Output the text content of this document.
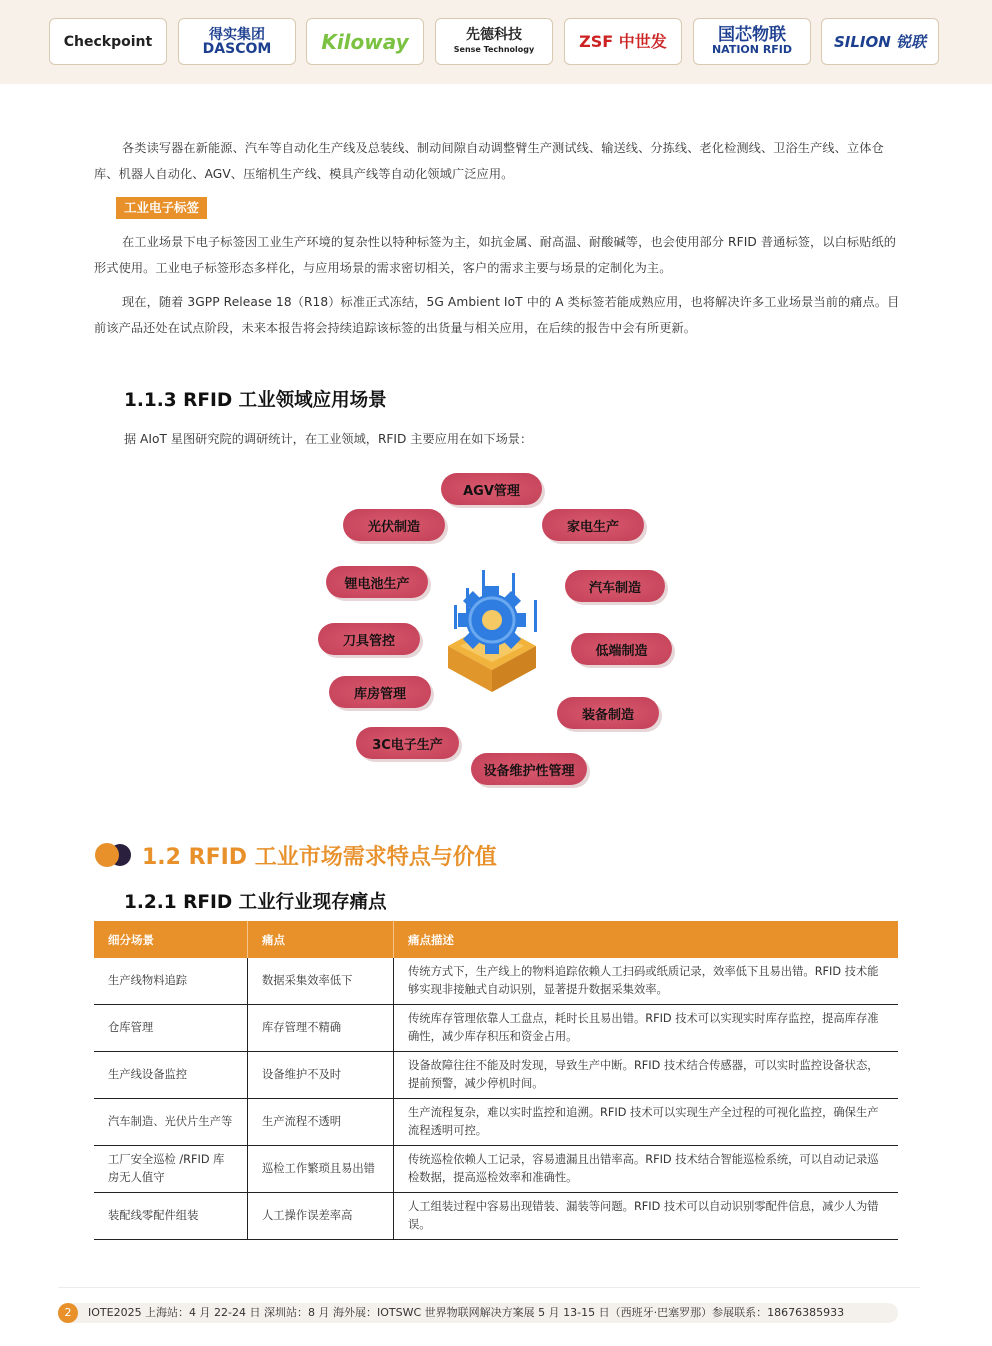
Checkpoint	得实集团
DASCOM	Kiloway	先德科技
Sense Technology	ZSF 中世发	国芯物联
NATION RFID	SILION 锐联
各类读写器在新能源、汽车等自动化生产线及总装线、制动间隙自动调整臂生产测试线、输送线、分拣线、老化检测线、卫浴生产线、立体仓库、机器人自动化、AGV、压缩机生产线、模具产线等自动化领域广泛应用。
工业电子标签
在工业场景下电子标签因工业生产环境的复杂性以特种标签为主，如抗金属、耐高温、耐酸碱等，也会使用部分 RFID 普通标签，以白标贴纸的形式使用。工业电子标签形态多样化，与应用场景的需求密切相关，客户的需求主要与场景的定制化为主。
现在，随着 3GPP Release 18（R18）标准正式冻结，5G Ambient IoT 中的 A 类标签若能成熟应用，也将解决许多工业场景当前的痛点。目前该产品还处在试点阶段，未来本报告将会持续追踪该标签的出货量与相关应用，在后续的报告中会有所更新。
1.1.3 RFID 工业领域应用场景
据 AIoT 星图研究院的调研统计，在工业领域，RFID 主要应用在如下场景：
AGV管理
光伏制造	家电生产
锂电池生产	汽车制造
刀具管控
低端制造
库房管理
装备制造
3C电子生产
设备维护性管理
1.2 RFID 工业市场需求特点与价值
1.2.1 RFID 工业行业现存痛点
细分场景	痛点	痛点描述
生产线物料追踪	数据采集效率低下	传统方式下，生产线上的物料追踪依赖人工扫码或纸质记录，效率低下且易出错。RFID 技术能够实现非接触式自动识别，显著提升数据采集效率。
仓库管理	库存管理不精确	传统库存管理依靠人工盘点，耗时长且易出错。RFID 技术可以实现实时库存监控，提高库存准确性，减少库存积压和资金占用。
生产线设备监控	设备维护不及时	设备故障往往不能及时发现，导致生产中断。RFID 技术结合传感器，可以实时监控设备状态，提前预警，减少停机时间。
汽车制造、光伏片生产等	生产流程不透明	生产流程复杂，难以实时监控和追溯。RFID 技术可以实现生产全过程的可视化监控，确保生产流程透明可控。
工厂安全巡检 /RFID 库房无人值守	巡检工作繁琐且易出错	传统巡检依赖人工记录，容易遗漏且出错率高。RFID 技术结合智能巡检系统，可以自动记录巡检数据，提高巡检效率和准确性。
装配线零配件组装	人工操作误差率高	人工组装过程中容易出现错装、漏装等问题。RFID 技术可以自动识别零配件信息，减少人为错误。
2	IOTE2025 上海站：4 月 22-24 日 深圳站：8 月 海外展：IOTSWC 世界物联网解决方案展 5 月 13-15 日（西班牙·巴塞罗那）参展联系：18676385933
